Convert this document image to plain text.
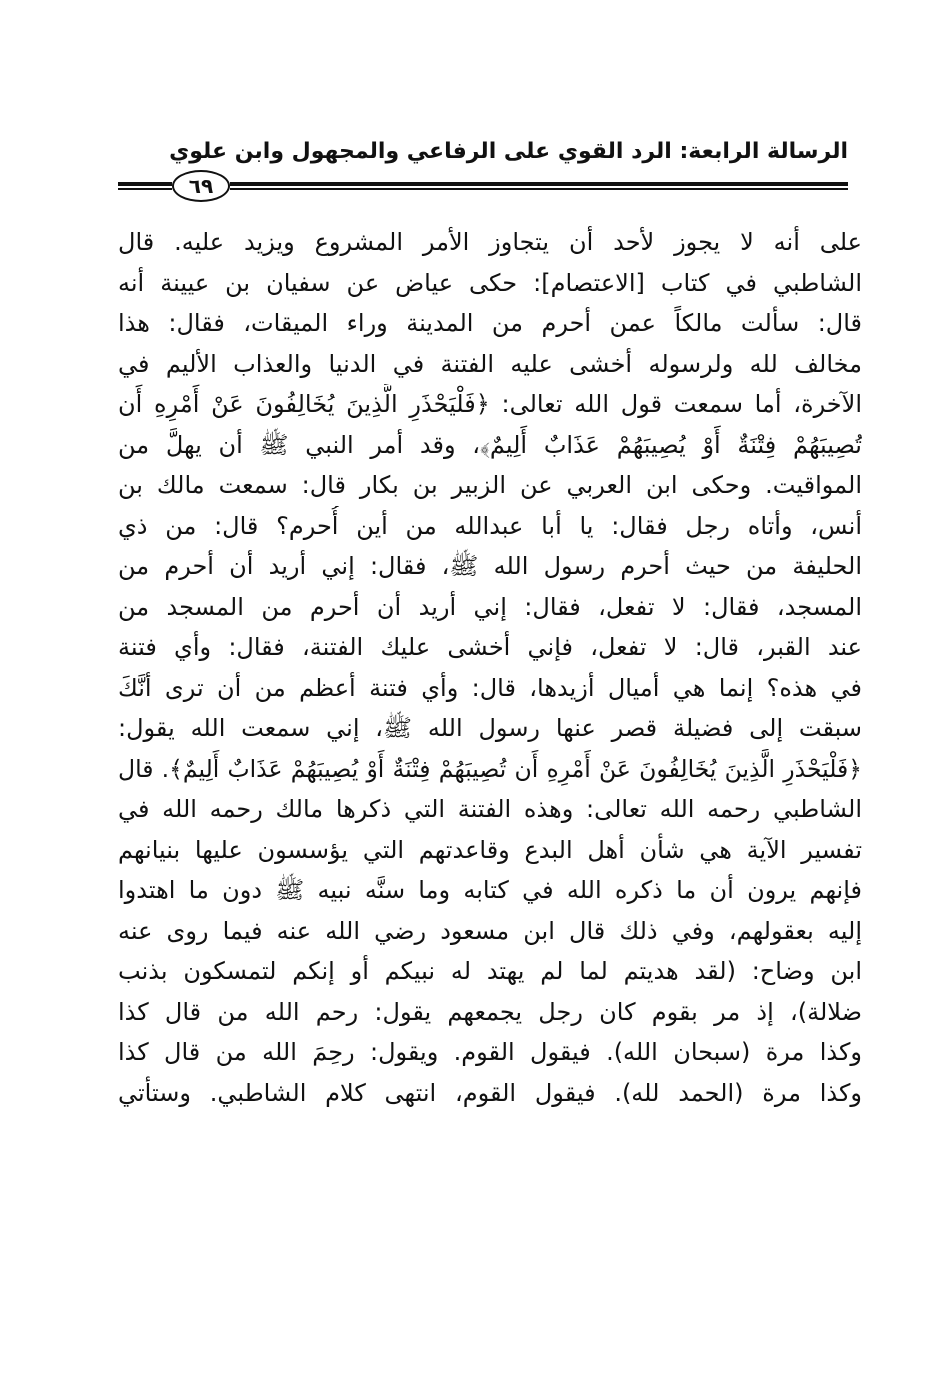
الرسالة الرابعة: الرد القوي على الرفاعي والمجهول وابن علوي
٦٩
على أنه لا يجوز لأحد أن يتجاوز الأمر المشروع ويزيد عليه. قال
الشاطبي في كتاب [الاعتصام]: حكى عياض عن سفيان بن عيينة أنه
قال: سألت مالكاً عمن أحرم من المدينة وراء الميقات، فقال: هذا
مخالف لله ولرسوله أخشى عليه الفتنة في الدنيا والعذاب الأليم في
الآخرة، أما سمعت قول الله تعالى: ﴿فَلْيَحْذَرِ الَّذِينَ يُخَالِفُونَ عَنْ أَمْرِهِ أَن
تُصِيبَهُمْ فِتْنَةٌ أَوْ يُصِيبَهُمْ عَذَابٌ أَلِيمٌ﴾، وقد أمر النبي ﷺ أن يهلَّ من
المواقيت. وحكى ابن العربي عن الزبير بن بكار قال: سمعت مالك بن
أنس، وأتاه رجل فقال: يا أبا عبدالله من أين أُحرم؟ قال: من ذي
الحليفة من حيث أحرم رسول الله ﷺ، فقال: إني أريد أن أحرم من
المسجد، فقال: لا تفعل، فقال: إني أريد أن أحرم من المسجد من
عند القبر، قال: لا تفعل، فإني أخشى عليك الفتنة، فقال: وأي فتنة
في هذه؟ إنما هي أميال أزيدها، قال: وأي فتنة أعظم من أن ترى أنَّكَ
سبقت إلى فضيلة قصر عنها رسول الله ﷺ، إني سمعت الله يقول:
﴿فَلْيَحْذَرِ الَّذِينَ يُخَالِفُونَ عَنْ أَمْرِهِ أَن تُصِيبَهُمْ فِتْنَةٌ أَوْ يُصِيبَهُمْ عَذَابٌ أَلِيمٌ﴾. قال
الشاطبي رحمه الله تعالى: وهذه الفتنة التي ذكرها مالك رحمه الله في
تفسير الآية هي شأن أهل البدع وقاعدتهم التي يؤسسون عليها بنيانهم
فإنهم يرون أن ما ذكره الله في كتابه وما سنَّه نبيه ﷺ دون ما اهتدوا
إليه بعقولهم، وفي ذلك قال ابن مسعود رضي الله عنه فيما روى عنه
ابن وضاح: (لقد هديتم لما لم يهتد له نبيكم أو إنكم لتمسكون بذنب
ضلالة)، إذ مر بقوم كان رجل يجمعهم يقول: رحم الله من قال كذا
وكذا مرة (سبحان الله). فيقول القوم. ويقول: رحِمَ الله من قال كذا
وكذا مرة (الحمد لله). فيقول القوم، انتهى كلام الشاطبي. وستأتي
